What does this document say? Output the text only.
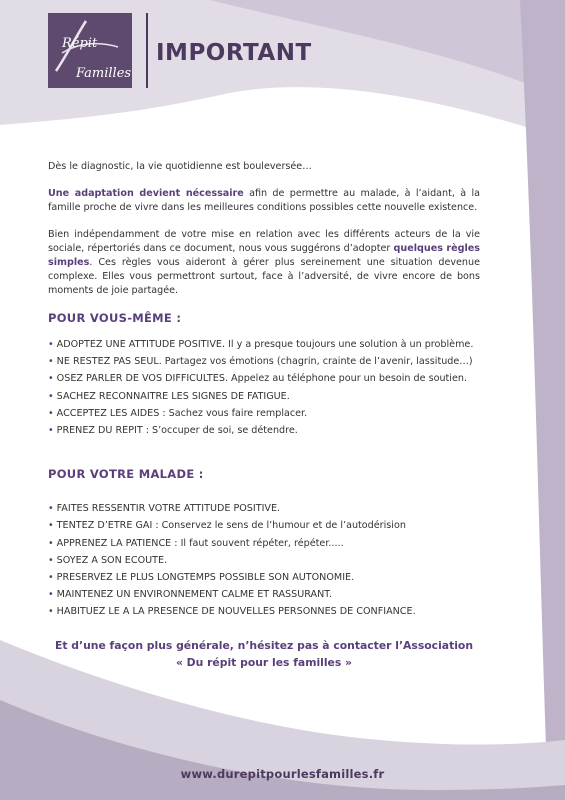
Répit
Familles
IMPORTANT

Dès le diagnostic, la vie quotidienne est bouleversée…

Une adaptation devient nécessaire afin de permettre au malade, à l’aidant, à la famille proche de vivre dans les meilleures conditions possibles cette nouvelle existence.

Bien indépendamment de votre mise en relation avec les différents acteurs de la vie sociale, répertoriés dans ce document, nous vous suggérons d’adopter quelques règles simples. Ces règles vous aideront à gérer plus sereinement une situation devenue complexe. Elles vous permettront surtout, face à l’adversité, de vivre encore de bons moments de joie partagée.

POUR VOUS-MÊME :
• ADOPTEZ UNE ATTITUDE POSITIVE. Il y a presque toujours une solution à un problème.
• NE RESTEZ PAS SEUL. Partagez vos émotions (chagrin, crainte de l’avenir, lassitude…)
• OSEZ PARLER DE VOS DIFFICULTES. Appelez au téléphone pour un besoin de soutien.
• SACHEZ RECONNAITRE LES SIGNES DE FATIGUE.
• ACCEPTEZ LES AIDES : Sachez vous faire remplacer.
• PRENEZ DU REPIT : S’occuper de soi, se détendre.
POUR VOTRE MALADE :
• FAITES RESSENTIR VOTRE ATTITUDE POSITIVE.
• TENTEZ D’ETRE GAI : Conservez le sens de l’humour et de l’autodérision
• APPRENEZ LA PATIENCE : Il faut souvent répéter, répéter.....
• SOYEZ A SON ECOUTE.
• PRESERVEZ LE PLUS LONGTEMPS POSSIBLE SON AUTONOMIE.
• MAINTENEZ UN ENVIRONNEMENT CALME ET RASSURANT.
• HABITUEZ LE A LA PRESENCE DE NOUVELLES PERSONNES DE CONFIANCE.
Et d’une façon plus générale, n’hésitez pas à contacter l’Association
« Du répit pour les familles »
www.durepitpourlesfamilles.fr
